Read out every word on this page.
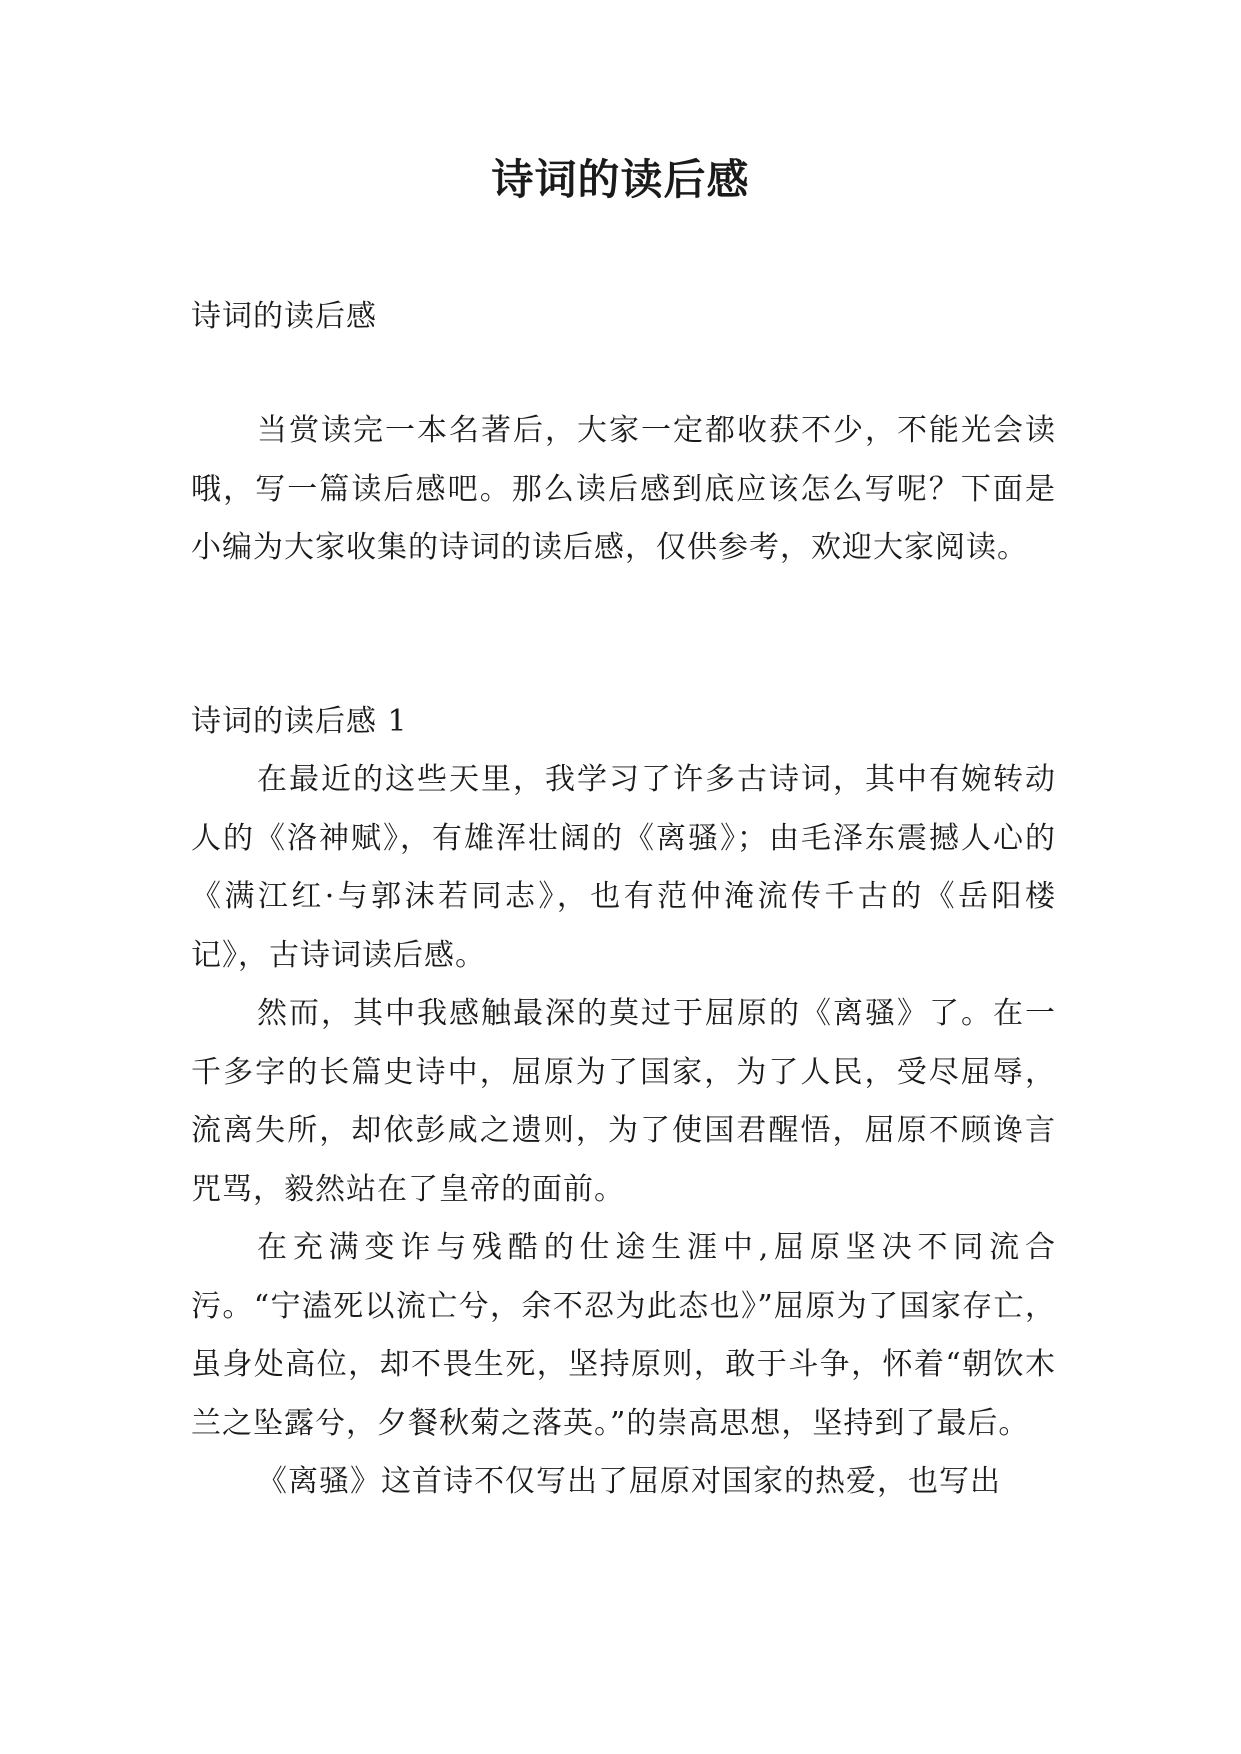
诗词的读后感
诗词的读后感
当赏读完一本名著后，大家一定都收获不少，不能光会读哦，写一篇读后感吧。那么读后感到底应该怎么写呢？下面是小编为大家收集的诗词的读后感，仅供参考，欢迎大家阅读。
诗词的读后感 1

在最近的这些天里，我学习了许多古诗词，其中有婉转动人的《洛神赋》，有雄浑壮阔的《离骚》；由毛泽东震撼人心的《满江红·与郭沫若同志》，也有范仲淹流传千古的《岳阳楼记》，古诗词读后感。

然而，其中我感触最深的莫过于屈原的《离骚》了。在一千多字的长篇史诗中，屈原为了国家，为了人民，受尽屈辱，流离失所，却依彭咸之遗则，为了使国君醒悟，屈原不顾谗言咒骂，毅然站在了皇帝的面前。

在充满变诈与残酷的仕途生涯中,屈原坚决不同流合污。“宁溘死以流亡兮，余不忍为此态也》”屈原为了国家存亡，虽身处高位，却不畏生死，坚持原则，敢于斗争，怀着“朝饮木兰之坠露兮，夕餐秋菊之落英。”的崇高思想，坚持到了最后。

《离骚》这首诗不仅写出了屈原对国家的热爱，也写出
